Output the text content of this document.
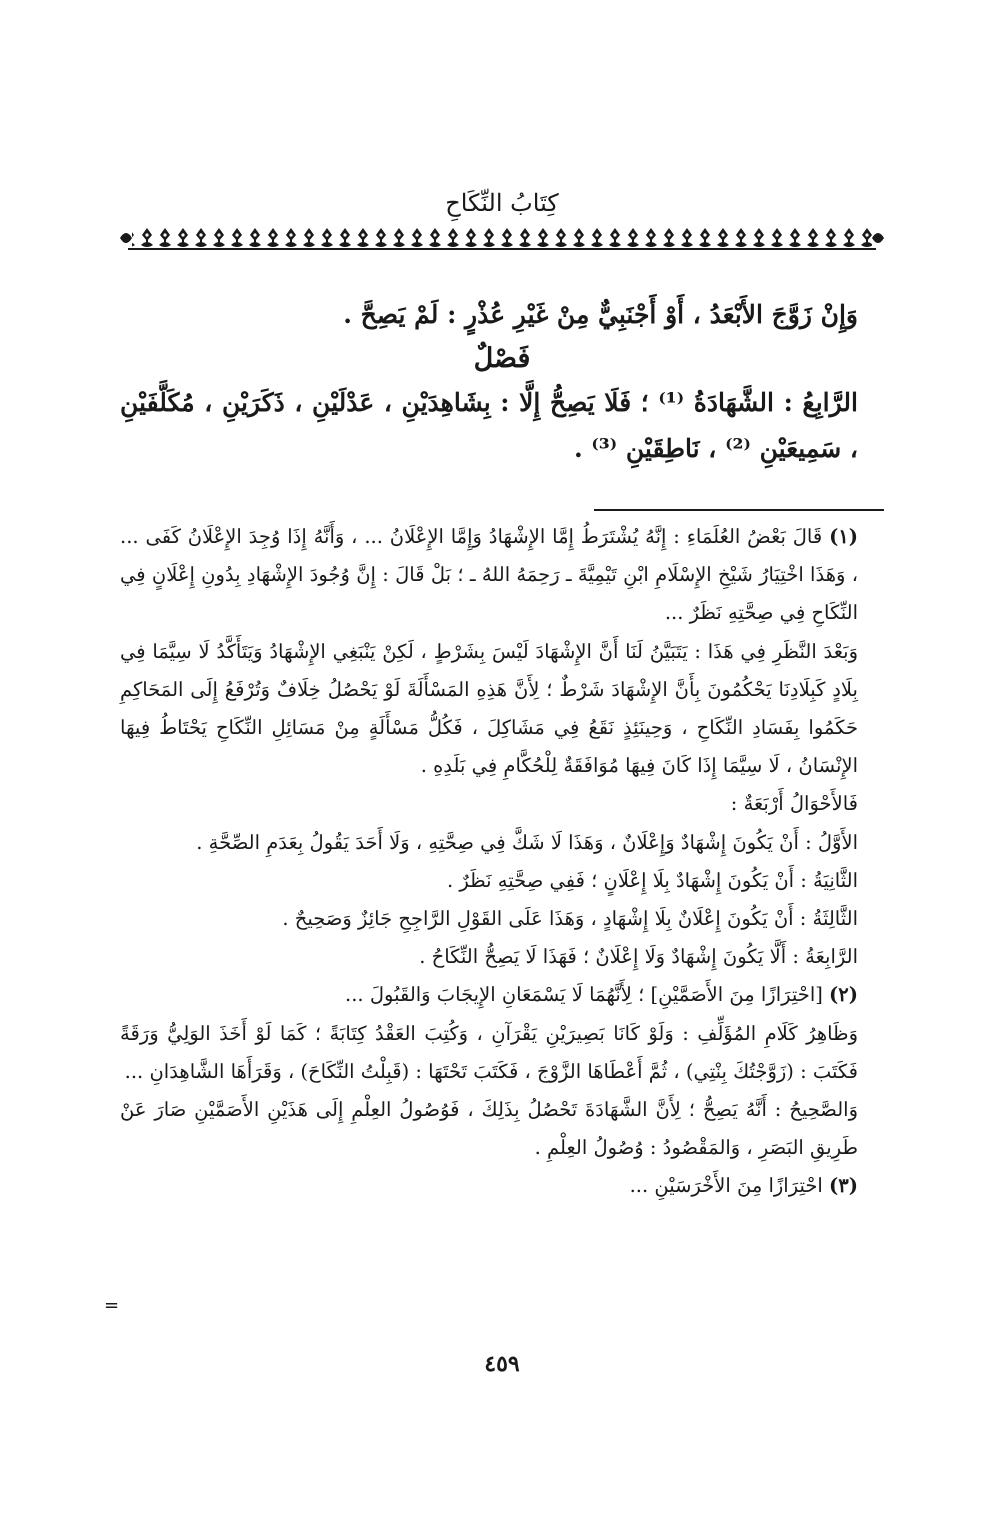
كِتَابُ النِّكَاحِ

وَإِنْ زَوَّجَ الأَبْعَدُ ، أَوْ أَجْنَبِيٌّ مِنْ غَيْرِ عُذْرٍ : لَمْ يَصِحَّ .

فَصْلٌ

الرَّابِعُ : الشَّهَادَةُ ⁽¹⁾ ؛ فَلَا يَصِحُّ إِلَّا : بِشَاهِدَيْنِ ، عَدْلَيْنِ ، ذَكَرَيْنِ ، مُكَلَّفَيْنِ ، سَمِيعَيْنِ ⁽²⁾ ، نَاطِقَيْنِ ⁽³⁾ .

(١) قَالَ بَعْضُ العُلَمَاءِ : إِنَّهُ يُشْتَرَطُ إِمَّا الإِشْهَادُ وَإِمَّا الإِعْلَانُ ... ، وَأَنَّهُ إِذَا وُجِدَ الإِعْلَانُ كَفَى ... ، وَهَذَا اخْتِيَارُ شَيْخِ الإِسْلَامِ ابْنِ تَيْمِيَّةَ ـ رَحِمَهُ اللهُ ـ ؛ بَلْ قَالَ : إِنَّ وُجُودَ الإِشْهَادِ بِدُونِ إِعْلَانٍ فِي النِّكَاحِ فِي صِحَّتِهِ نَظَرٌ ...

وَبَعْدَ النَّظَرِ فِي هَذَا : يَتَبَيَّنُ لَنَا أَنَّ الإِشْهَادَ لَيْسَ بِشَرْطٍ ، لَكِنْ يَنْبَغِي الإِشْهَادُ وَيَتَأَكَّدُ لَا سِيَّمَا فِي بِلَادٍ كَبِلَادِنَا يَحْكُمُونَ بِأَنَّ الإِشْهَادَ شَرْطٌ ؛ لِأَنَّ هَذِهِ المَسْأَلَةَ لَوْ يَحْصُلُ خِلَافٌ وَتُرْفَعُ إِلَى المَحَاكِمِ حَكَمُوا بِفَسَادِ النِّكَاحِ ، وَحِينَئِذٍ نَقَعُ فِي مَشَاكِلَ ، فَكُلُّ مَسْأَلَةٍ مِنْ مَسَائِلِ النِّكَاحِ يَحْتَاطُ فِيهَا الإِنْسَانُ ، لَا سِيَّمَا إِذَا كَانَ فِيهَا مُوَافَقَةٌ لِلْحُكَّامِ فِي بَلَدِهِ .

فَالأَحْوَالُ أَرْبَعَةٌ :

الأَوَّلُ : أَنْ يَكُونَ إِشْهَادٌ وَإِعْلَانٌ ، وَهَذَا لَا شَكَّ فِي صِحَّتِهِ ، وَلَا أَحَدَ يَقُولُ بِعَدَمِ الصِّحَّةِ .

الثَّانِيَةُ : أَنْ يَكُونَ إِشْهَادٌ بِلَا إِعْلَانٍ ؛ فَفِي صِحَّتِهِ نَظَرٌ .

الثَّالِثَةُ : أَنْ يَكُونَ إِعْلَانٌ بِلَا إِشْهَادٍ ، وَهَذَا عَلَى القَوْلِ الرَّاجِحِ جَائِزٌ وَصَحِيحٌ .

الرَّابِعَةُ : أَلَّا يَكُونَ إِشْهَادٌ وَلَا إِعْلَانٌ ؛ فَهَذَا لَا يَصِحُّ النِّكَاحُ .

(٢) [احْتِرَازًا مِنَ الأَصَمَّيْنِ] ؛ لِأَنَّهُمَا لَا يَسْمَعَانِ الإِيجَابَ وَالقَبُولَ ...

وَظَاهِرُ كَلَامِ المُؤَلِّفِ : وَلَوْ كَانَا بَصِيرَيْنِ يَقْرَآنِ ، وَكُتِبَ العَقْدُ كِتَابَةً ؛ كَمَا لَوْ أَخَذَ الوَلِيُّ وَرَقَةً فَكَتَبَ : (زَوَّجْتُكَ بِنْتِي) ، ثُمَّ أَعْطَاهَا الزَّوْجَ ، فَكَتَبَ تَحْتَهَا : (قَبِلْتُ النِّكَاحَ) ، وَقَرَأَهَا الشَّاهِدَانِ ...

وَالصَّحِيحُ : أَنَّهُ يَصِحُّ ؛ لِأَنَّ الشَّهَادَةَ تَحْصُلُ بِذَلِكَ ، فَوُصُولُ العِلْمِ إِلَى هَذَيْنِ الأَصَمَّيْنِ صَارَ عَنْ طَرِيقِ البَصَرِ ، وَالمَقْصُودُ : وُصُولُ العِلْمِ .

(٣) احْتِرَازًا مِنَ الأَخْرَسَيْنِ ...

=
٤٥٩
